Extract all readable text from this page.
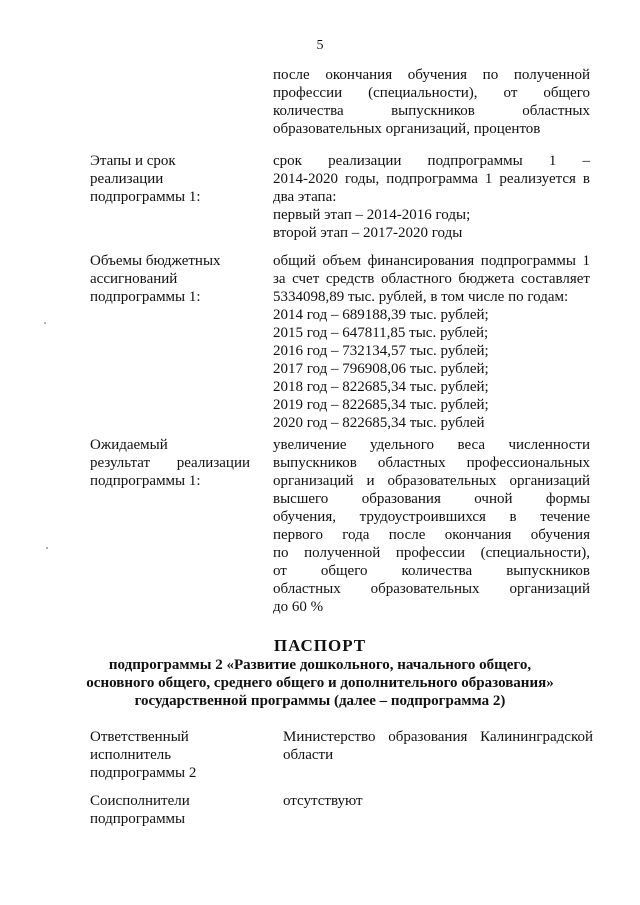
5
после окончания обучения по полученной
профессии (специальности), от общего
количества выпускников областных
образовательных организаций, процентов
Этапы и срок
реализации
подпрограммы 1:
срок реализации подпрограммы 1 –
2014-2020 годы, подпрограмма 1 реализуется в
два этапа:
первый этап – 2014-2016 годы;
второй этап – 2017-2020 годы
Объемы бюджетных
ассигнований
подпрограммы 1:
общий объем финансирования подпрограммы 1
за счет средств областного бюджета составляет
5334098,89 тыс. рублей, в том числе по годам:
2014 год – 689188,39 тыс. рублей;
2015 год – 647811,85 тыс. рублей;
2016 год – 732134,57 тыс. рублей;
2017 год – 796908,06 тыс. рублей;
2018 год – 822685,34 тыс. рублей;
2019 год – 822685,34 тыс. рублей;
2020 год – 822685,34 тыс. рублей
Ожидаемый
результат реализации
подпрограммы 1:
увеличение удельного веса численности
выпускников областных профессиональных
организаций и образовательных организаций
высшего образования очной формы
обучения, трудоустроившихся в течение
первого года после окончания обучения
по полученной профессии (специальности),
от общего количества выпускников
областных образовательных организаций
до 60 %
ПАСПОРТ
подпрограммы 2 «Развитие дошкольного, начального общего,
основного общего, среднего общего и дополнительного образования»
государственной программы (далее – подпрограмма 2)
Ответственный
исполнитель
подпрограммы 2
Министерство образования Калининградской
области
Соисполнители
подпрограммы
отсутствуют
